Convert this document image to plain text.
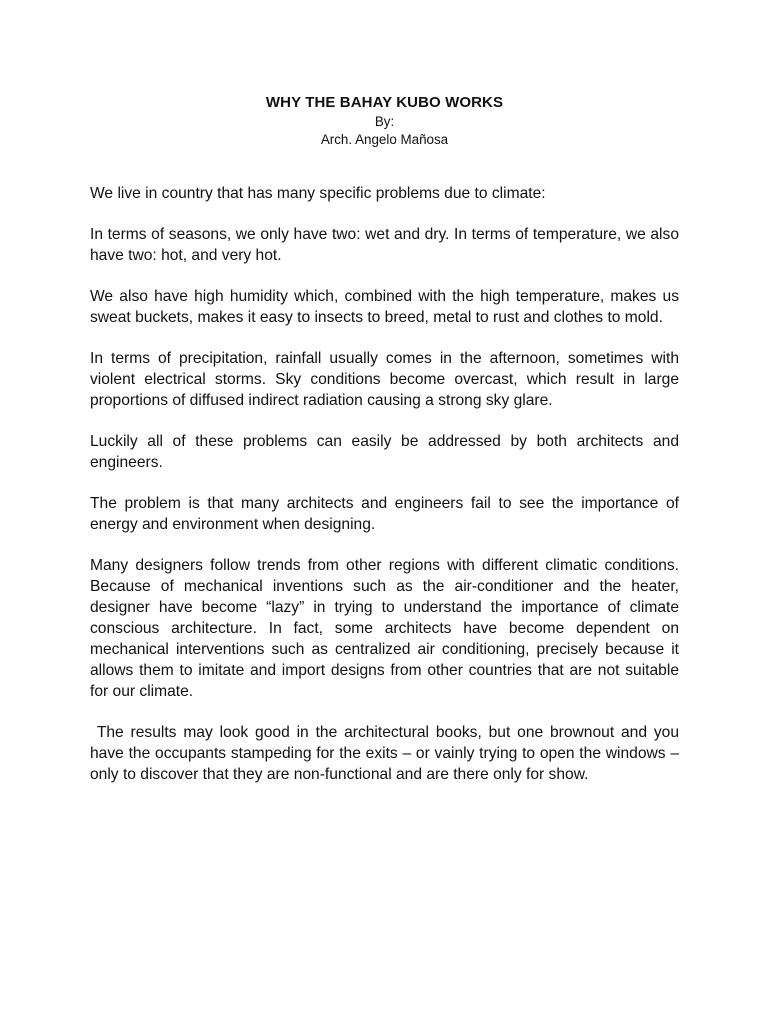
WHY THE BAHAY KUBO WORKS

By:

Arch. Angelo Mañosa

We live in country that has many specific problems due to climate:

In terms of seasons, we only have two: wet and dry. In terms of temperature, we also have two: hot, and very hot.

We also have high humidity which, combined with the high temperature, makes us sweat buckets, makes it easy to insects to breed, metal to rust and clothes to mold.

In terms of precipitation, rainfall usually comes in the afternoon, sometimes with violent electrical storms. Sky conditions become overcast, which result in large proportions of diffused indirect radiation causing a strong sky glare.

Luckily all of these problems can easily be addressed by both architects and engineers.

The problem is that many architects and engineers fail to see the importance of energy and environment when designing.

Many designers follow trends from other regions with different climatic conditions. Because of mechanical inventions such as the air-conditioner and the heater, designer have become “lazy” in trying to understand the importance of climate conscious architecture. In fact, some architects have become dependent on mechanical interventions such as centralized air conditioning, precisely because it allows them to imitate and import designs from other countries that are not suitable for our climate.

The results may look good in the architectural books, but one brownout and you have the occupants stampeding for the exits – or vainly trying to open the windows – only to discover that they are non-functional and are there only for show.
